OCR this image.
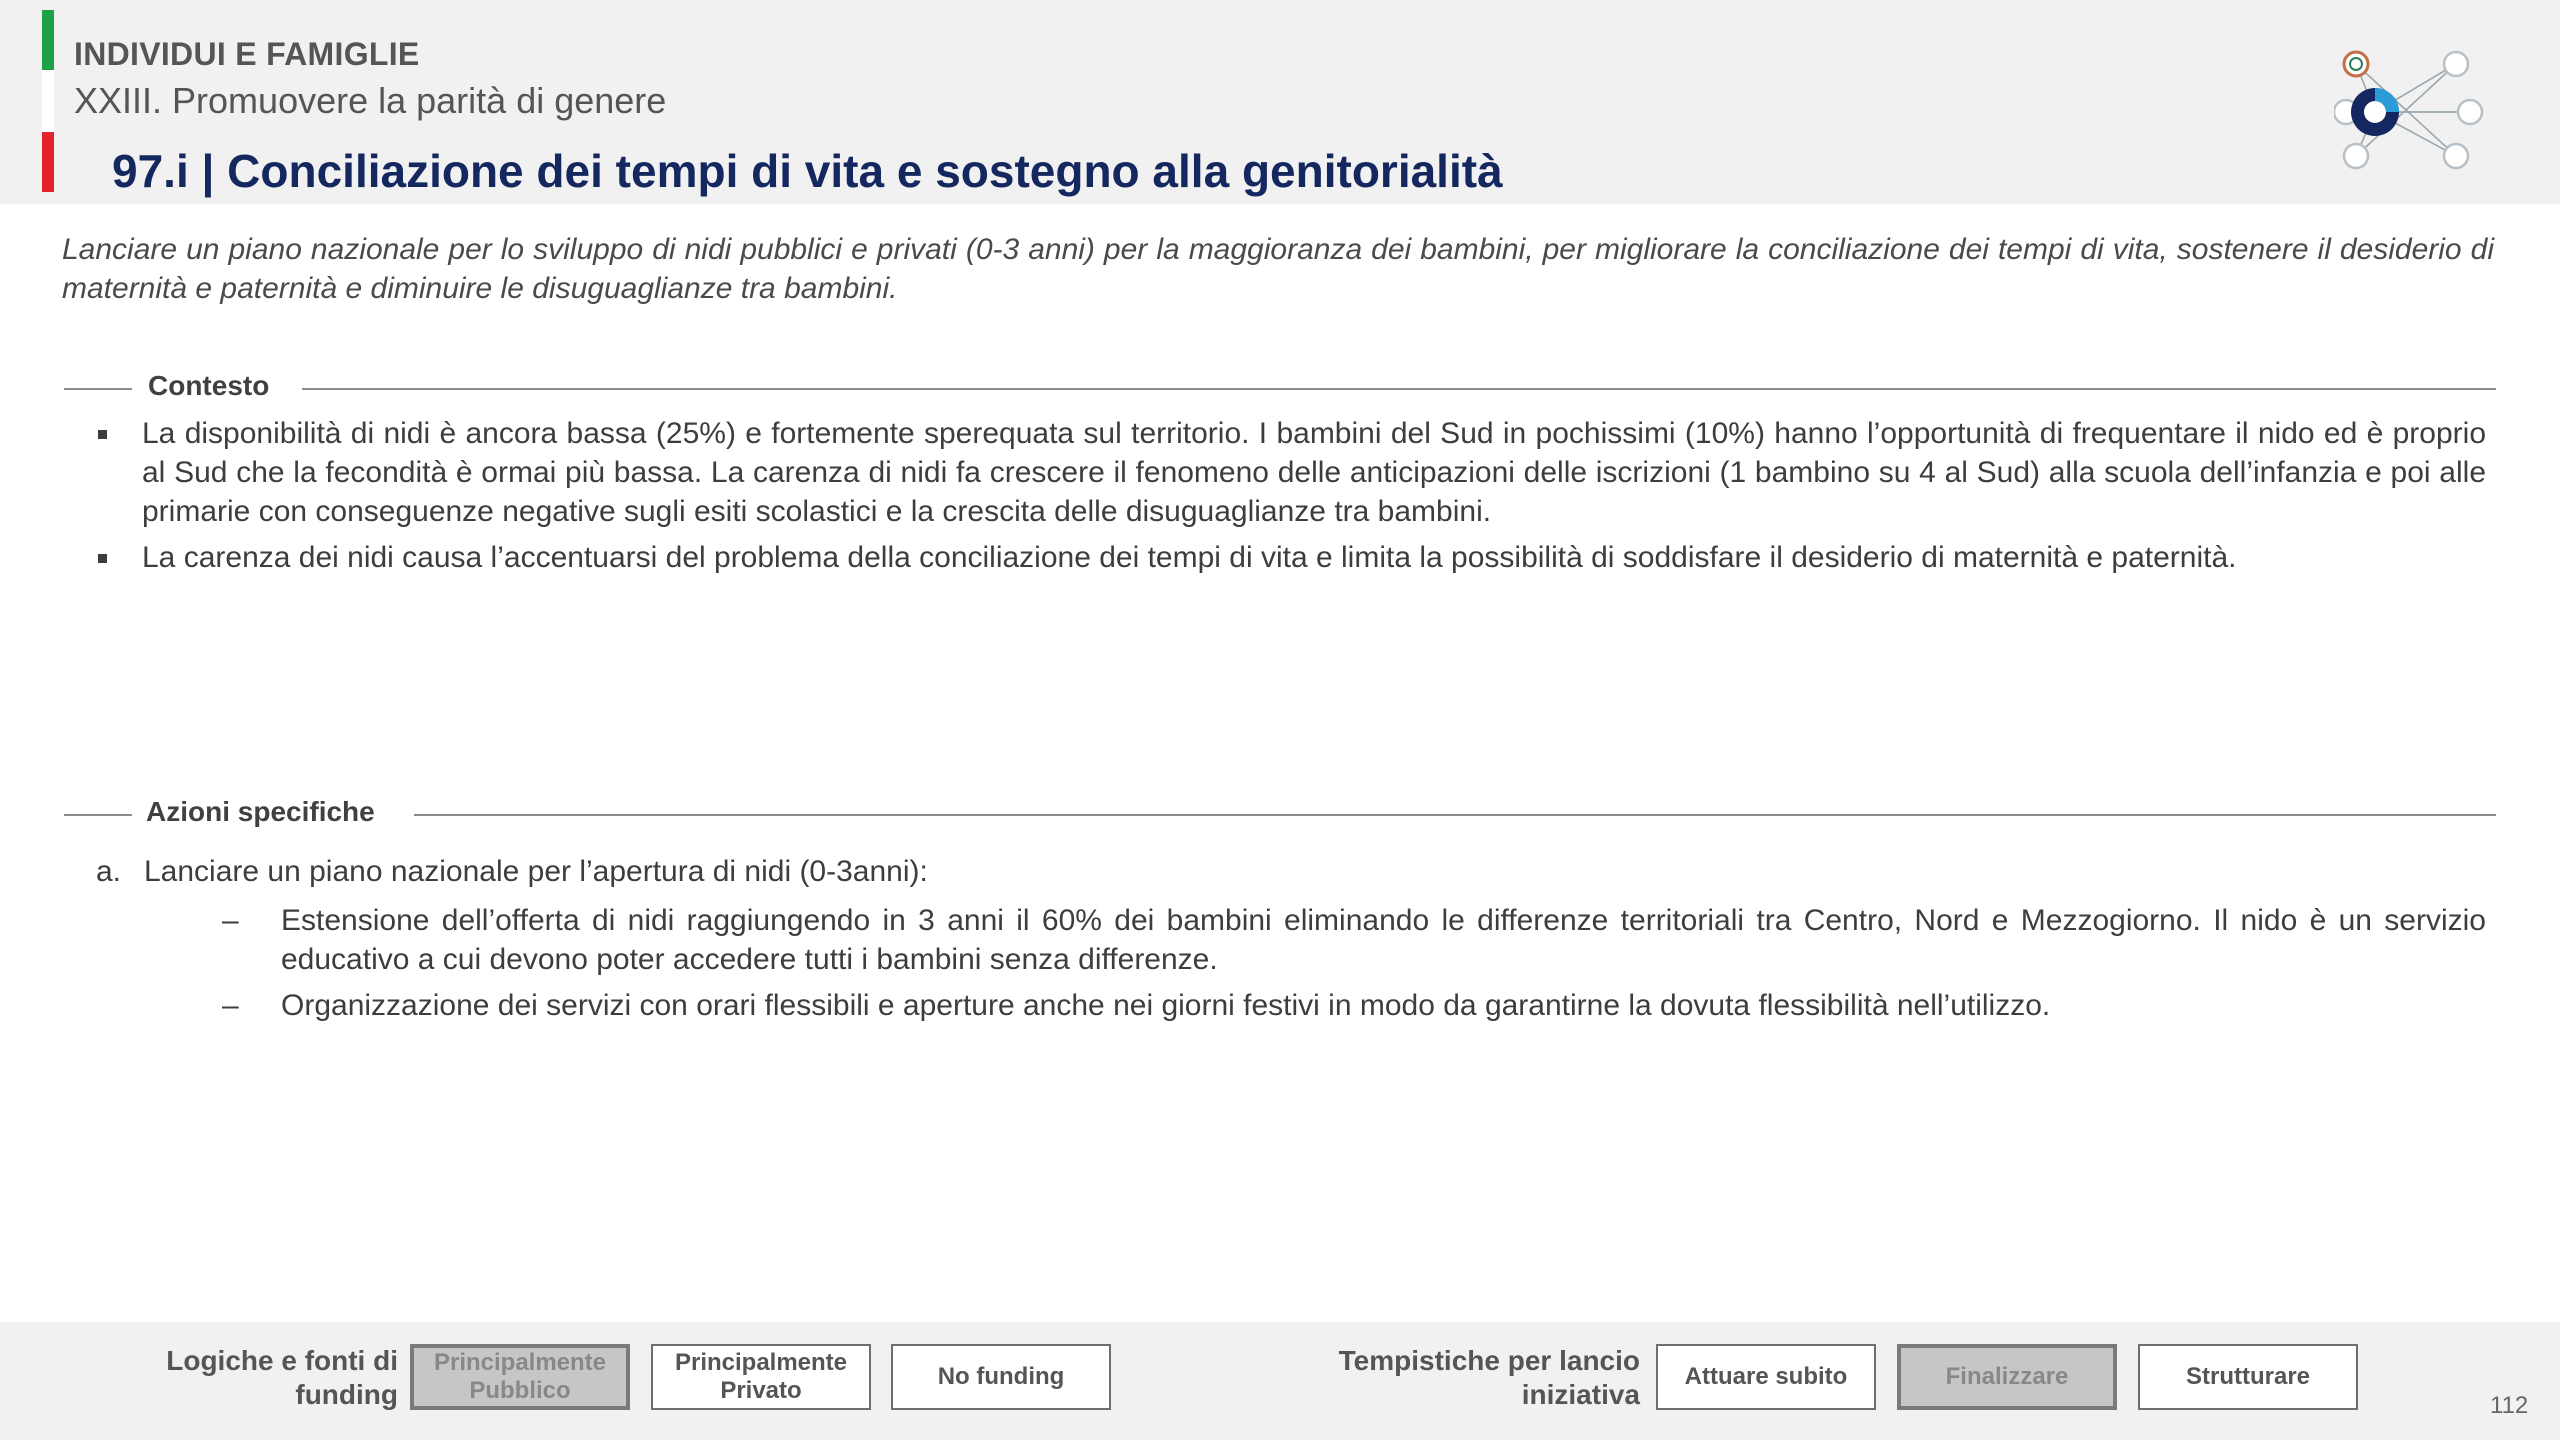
INDIVIDUI E FAMIGLIE
XXIII. Promuovere la parità di genere
97.i | Conciliazione dei tempi di vita e sostegno alla genitorialità

Lanciare un piano nazionale per lo sviluppo di nidi pubblici e privati (0-3 anni) per la maggioranza dei bambini, per migliorare la conciliazione dei tempi di vita, sostenere il desiderio di maternità e paternità e diminuire le disuguaglianze tra bambini.

Contesto
La disponibilità di nidi è ancora bassa (25%) e fortemente sperequata sul territorio. I bambini del Sud in pochissimi (10%) hanno l’opportunità di frequentare il nido ed è proprio al Sud che la fecondità è ormai più bassa. La carenza di nidi fa crescere il fenomeno delle anticipazioni delle iscrizioni (1 bambino su 4 al Sud) alla scuola dell’infanzia e poi alle primarie con conseguenze negative sugli esiti scolastici e la crescita delle disuguaglianze tra bambini.
La carenza dei nidi causa l’accentuarsi del problema della conciliazione dei tempi di vita e limita la possibilità di soddisfare il desiderio di maternità e paternità.
Azioni specifiche
a. Lanciare un piano nazionale per l’apertura di nidi (0-3anni):
– Estensione dell’offerta di nidi raggiungendo in 3 anni il 60% dei bambini eliminando le differenze territoriali tra Centro, Nord e Mezzogiorno. Il nido è un servizio educativo a cui devono poter accedere tutti i bambini senza differenze.
– Organizzazione dei servizi con orari flessibili e aperture anche nei giorni festivi in modo da garantirne la dovuta flessibilità nell’utilizzo.
Logiche e fonti di
funding
Principalmente
Pubblico
Principalmente
Privato
No funding
Tempistiche per lancio
iniziativa
Attuare subito	Finalizzare	Strutturare
112
